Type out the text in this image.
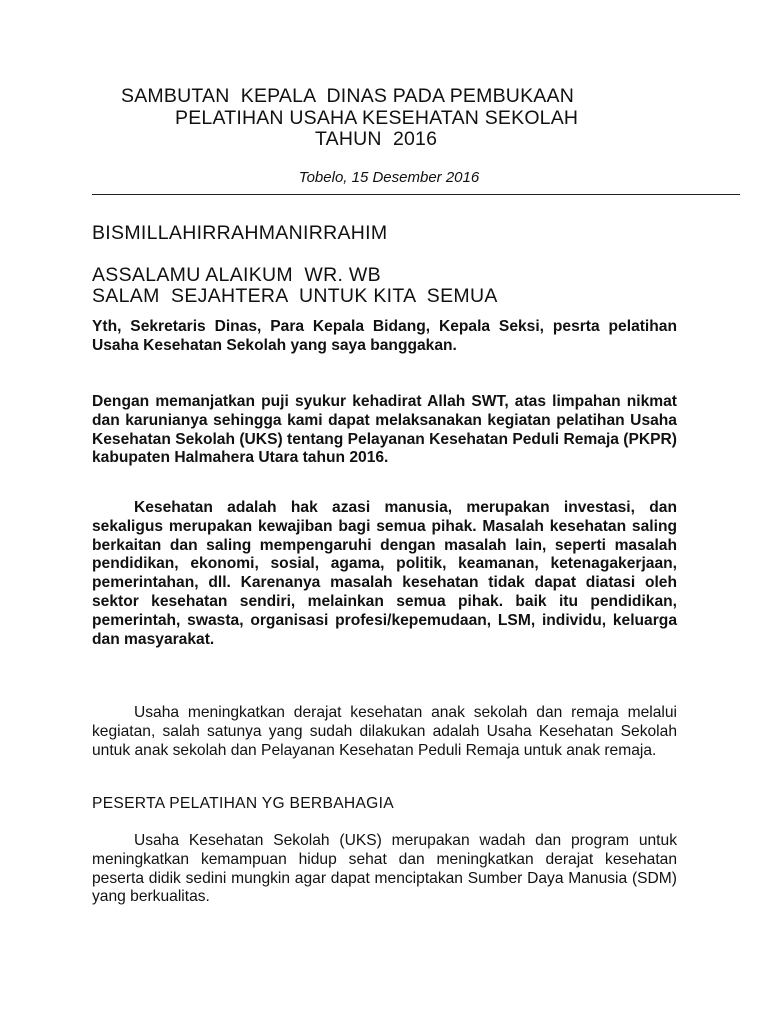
SAMBUTAN  KEPALA  DINAS PADA PEMBUKAAN
PELATIHAN USAHA KESEHATAN SEKOLAH
TAHUN  2016
Tobelo, 15 Desember 2016
BISMILLAHIRRAHMANIRRAHIM
ASSALAMU ALAIKUM  WR. WB
SALAM  SEJAHTERA  UNTUK KITA  SEMUA
Yth, Sekretaris Dinas, Para Kepala Bidang, Kepala Seksi, pesrta pelatihan Usaha Kesehatan Sekolah yang saya banggakan.
Dengan memanjatkan puji syukur kehadirat Allah SWT, atas limpahan nikmat dan karunianya sehingga kami dapat melaksanakan kegiatan pelatihan Usaha Kesehatan Sekolah (UKS) tentang Pelayanan Kesehatan Peduli Remaja (PKPR) kabupaten Halmahera Utara tahun 2016.
Kesehatan adalah hak azasi manusia, merupakan investasi, dan sekaligus merupakan kewajiban bagi semua pihak. Masalah kesehatan saling berkaitan dan saling mempengaruhi dengan masalah lain, seperti masalah pendidikan, ekonomi, sosial, agama, politik, keamanan, ketenagakerjaan, pemerintahan, dll. Karenanya masalah kesehatan tidak dapat diatasi oleh sektor kesehatan sendiri, melainkan semua pihak. baik itu pendidikan, pemerintah, swasta, organisasi profesi/kepemudaan, LSM, individu, keluarga dan masyarakat.
Usaha meningkatkan derajat kesehatan anak sekolah dan remaja melalui kegiatan, salah satunya yang sudah dilakukan adalah Usaha Kesehatan Sekolah untuk anak sekolah dan Pelayanan Kesehatan Peduli Remaja untuk anak remaja.
PESERTA PELATIHAN YG BERBAHAGIA
Usaha Kesehatan Sekolah (UKS) merupakan wadah dan program untuk meningkatkan kemampuan hidup sehat dan meningkatkan derajat kesehatan peserta didik sedini mungkin agar dapat menciptakan Sumber Daya Manusia (SDM) yang berkualitas.
